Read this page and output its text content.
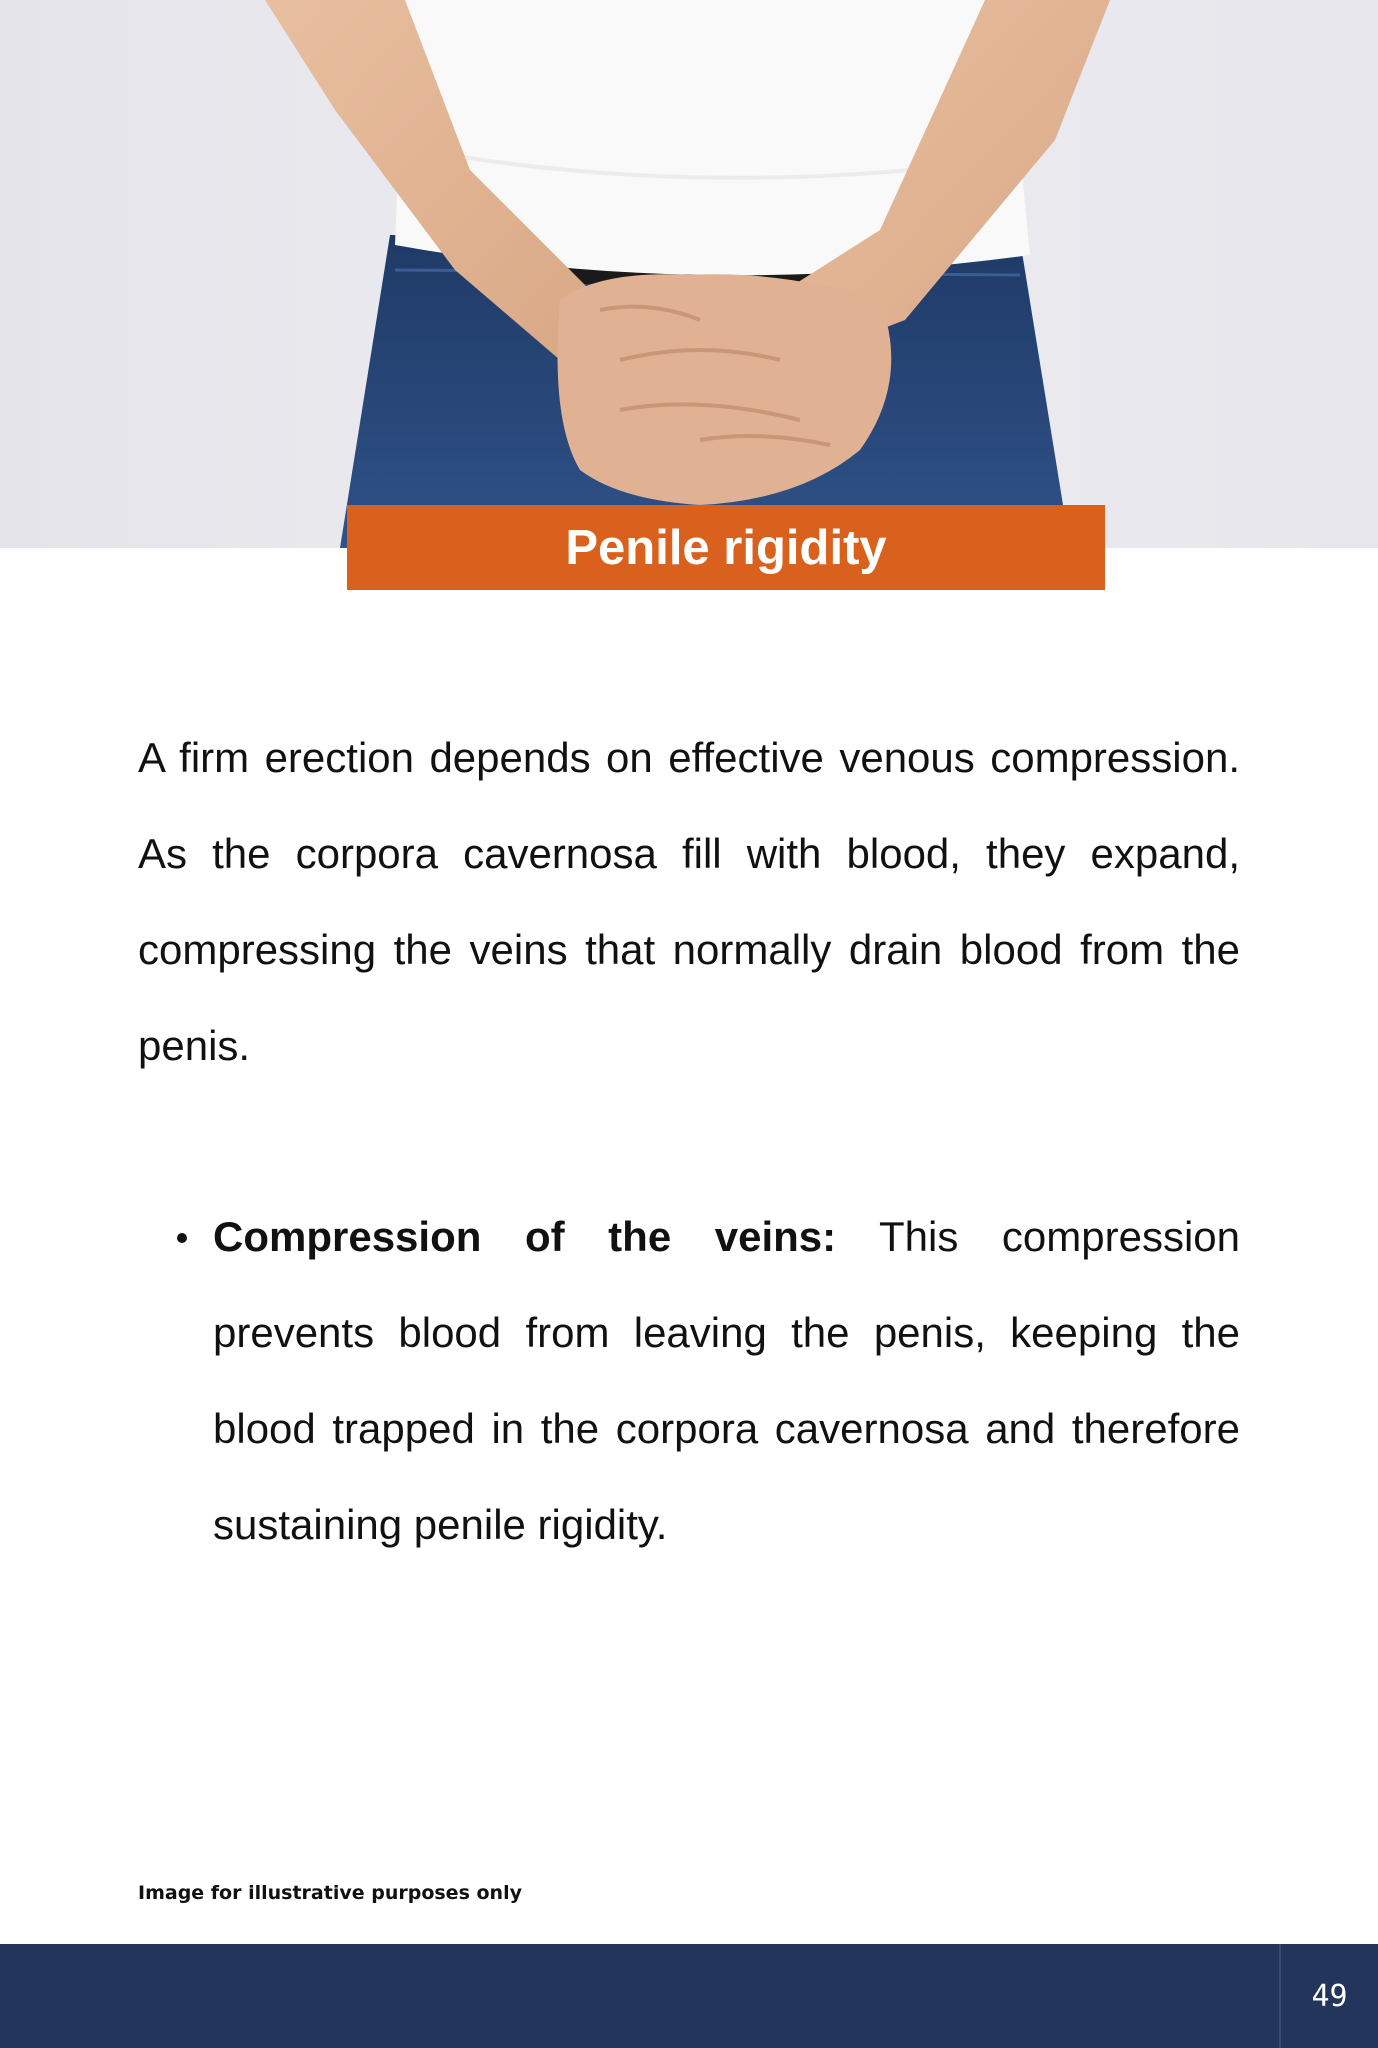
Penile rigidity

A firm erection depends on effective venous compression. As the corpora cavernosa fill with blood, they expand, compressing the veins that normally drain blood from the penis.

Compression of the veins: This compression prevents blood from leaving the penis, keeping the blood trapped in the corpora cavernosa and therefore sustaining penile rigidity.
Image for illustrative purposes only
49
